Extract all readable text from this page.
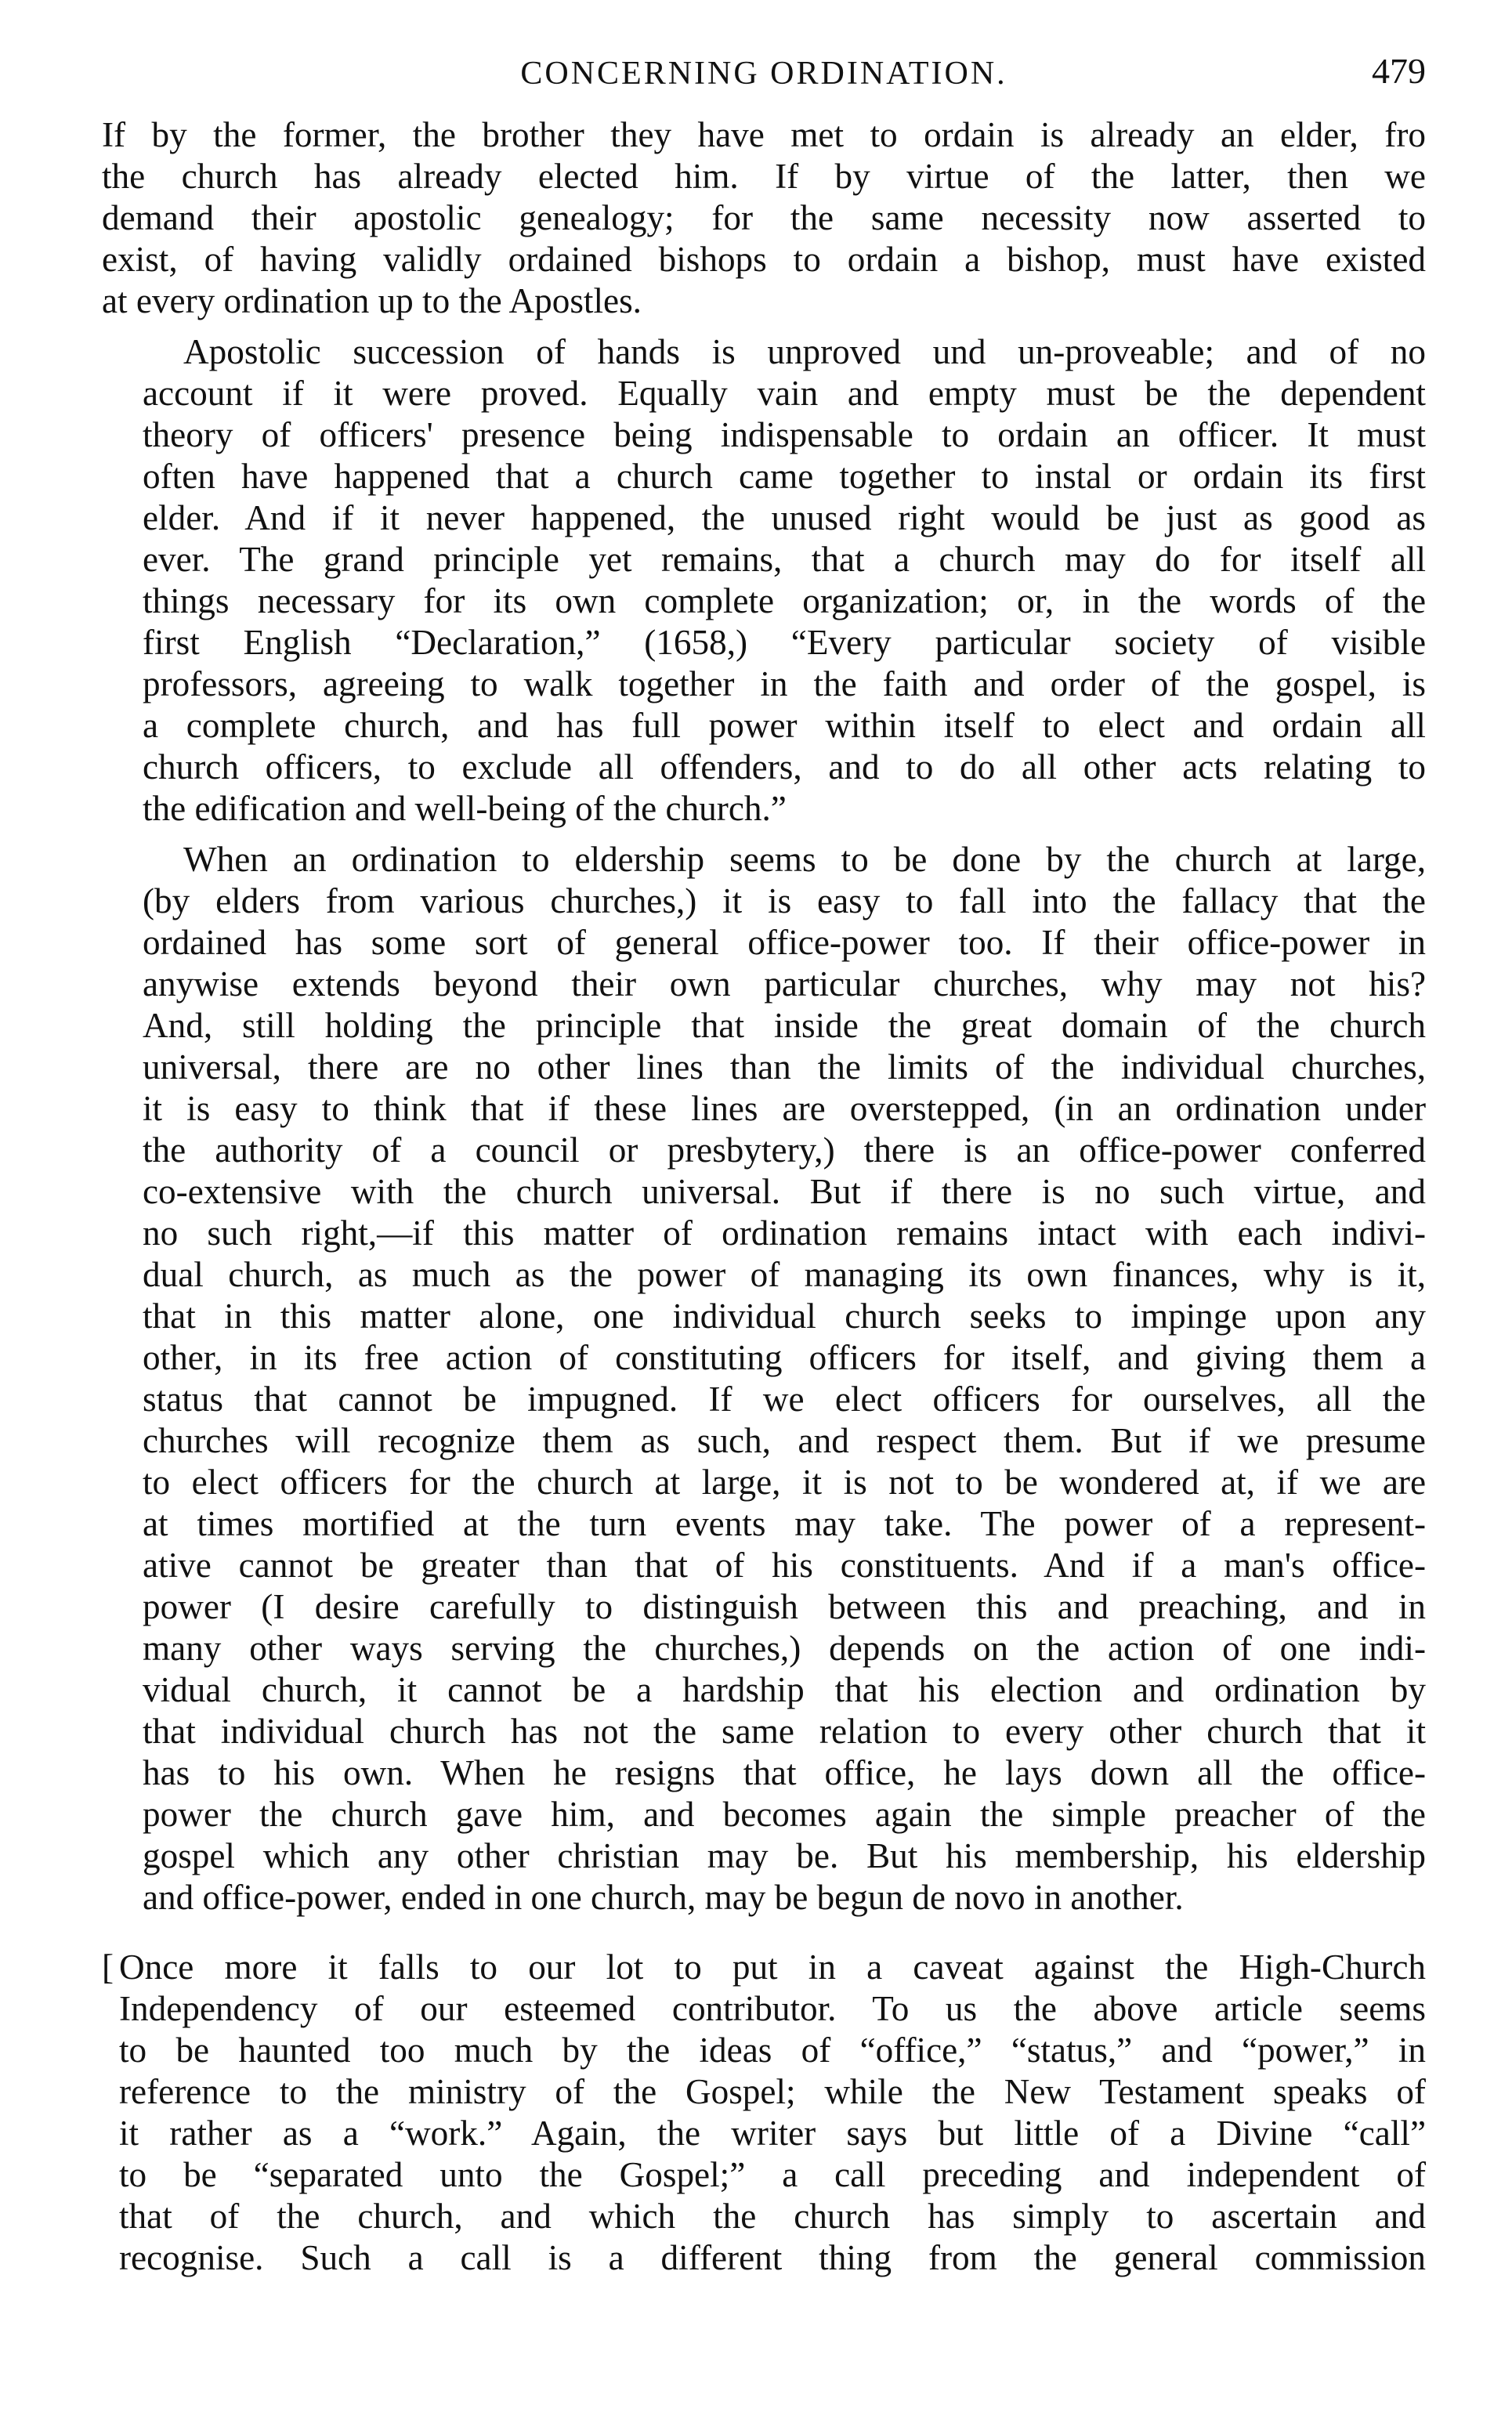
CONCERNING ORDINATION.	479
If by the former, the brother they have met to ordain is already an elder, fro
the church has already elected him. If by virtue of the latter, then we
demand their apostolic genealogy; for the same necessity now asserted to
exist, of having validly ordained bishops to ordain a bishop, must have existed
at every ordination up to the Apostles.
Apostolic succession of hands is unproved und un-proveable; and of no
account if it were proved. Equally vain and empty must be the dependent
theory of officers' presence being indispensable to ordain an officer. It must
often have happened that a church came together to instal or ordain its first
elder. And if it never happened, the unused right would be just as good as
ever. The grand principle yet remains, that a church may do for itself all
things necessary for its own complete organization; or, in the words of the
first English “Declaration,” (1658,) “Every particular society of visible
professors, agreeing to walk together in the faith and order of the gospel, is
a complete church, and has full power within itself to elect and ordain all
church officers, to exclude all offenders, and to do all other acts relating to
the edification and well-being of the church.”
When an ordination to eldership seems to be done by the church at large,
(by elders from various churches,) it is easy to fall into the fallacy that the
ordained has some sort of general office-power too. If their office-power in
anywise extends beyond their own particular churches, why may not his?
And, still holding the principle that inside the great domain of the church
universal, there are no other lines than the limits of the individual churches,
it is easy to think that if these lines are overstepped, (in an ordination under
the authority of a council or presbytery,) there is an office-power conferred
co-extensive with the church universal. But if there is no such virtue, and
no such right,—if this matter of ordination remains intact with each indivi-
dual church, as much as the power of managing its own finances, why is it,
that in this matter alone, one individual church seeks to impinge upon any
other, in its free action of constituting officers for itself, and giving them a
status that cannot be impugned. If we elect officers for ourselves, all the
churches will recognize them as such, and respect them. But if we presume
to elect officers for the church at large, it is not to be wondered at, if we are
at times mortified at the turn events may take. The power of a represent-
ative cannot be greater than that of his constituents. And if a man's office-
power (I desire carefully to distinguish between this and preaching, and in
many other ways serving the churches,) depends on the action of one indi-
vidual church, it cannot be a hardship that his election and ordination by
that individual church has not the same relation to every other church that it
has to his own. When he resigns that office, he lays down all the office-
power the church gave him, and becomes again the simple preacher of the
gospel which any other christian may be. But his membership, his eldership
and office-power, ended in one church, may be begun de novo in another.
[ Once more it falls to our lot to put in a caveat against the High-Church
Independency of our esteemed contributor. To us the above article seems
to be haunted too much by the ideas of “office,” “status,” and “power,” in
reference to the ministry of the Gospel; while the New Testament speaks of
it rather as a “work.” Again, the writer says but little of a Divine “call”
to be “separated unto the Gospel;” a call preceding and independent of
that of the church, and which the church has simply to ascertain and
recognise. Such a call is a different thing from the general commission
